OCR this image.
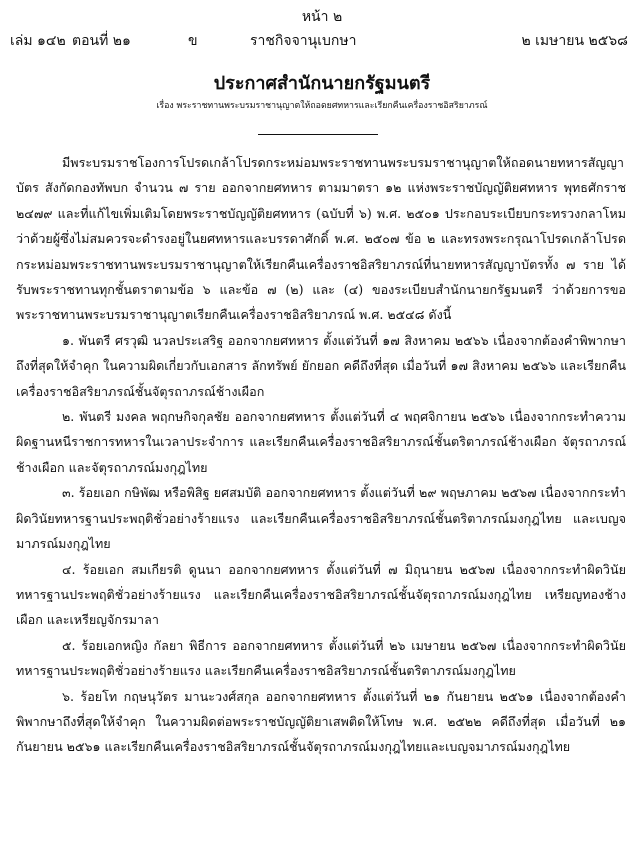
หน้า ๒
เล่ม ๑๔๒ ตอนที่ ๒๑	ข	ราชกิจจานุเบกษา	๒ เมษายน ๒๕๖๘
ประกาศสำนักนายกรัฐมนตรี
เรื่อง พระราชทานพระบรมราชานุญาตให้ถอดยศทหารและเรียกคืนเครื่องราชอิสริยาภรณ์

มีพระบรมราชโองการโปรดเกล้าโปรดกระหม่อมพระราชทานพระบรมราชานุญาตให้ถอดนายทหารสัญญาบัตร สังกัดกองทัพบก จำนวน ๗ ราย ออกจากยศทหาร ตามมาตรา ๑๒ แห่งพระราชบัญญัติยศทหาร พุทธศักราช ๒๔๗๙ และที่แก้ไขเพิ่มเติมโดยพระราชบัญญัติยศทหาร (ฉบับที่ ๖) พ.ศ. ๒๕๐๑ ประกอบระเบียบกระทรวงกลาโหมว่าด้วยผู้ซึ่งไม่สมควรจะดำรงอยู่ในยศทหารและบรรดาศักดิ์ พ.ศ. ๒๕๐๗ ข้อ ๒ และทรงพระกรุณาโปรดเกล้าโปรดกระหม่อมพระราชทานพระบรมราชานุญาตให้เรียกคืนเครื่องราชอิสริยาภรณ์ที่นายทหารสัญญาบัตรทั้ง ๗ ราย ได้รับพระราชทานทุกชั้นตราตามข้อ ๖ และข้อ ๗ (๒) และ (๔) ของระเบียบสำนักนายกรัฐมนตรี ว่าด้วยการขอพระราชทานพระบรมราชานุญาตเรียกคืนเครื่องราชอิสริยาภรณ์ พ.ศ. ๒๕๔๘ ดังนี้

๑. พันตรี ศรวุฒิ นวลประเสริฐ ออกจากยศทหาร ตั้งแต่วันที่ ๑๗ สิงหาคม ๒๕๖๖ เนื่องจากต้องคำพิพากษาถึงที่สุดให้จำคุก ในความผิดเกี่ยวกับเอกสาร ลักทรัพย์ ยักยอก คดีถึงที่สุด เมื่อวันที่ ๑๗ สิงหาคม ๒๕๖๖ และเรียกคืนเครื่องราชอิสริยาภรณ์ชั้นจัตุรถาภรณ์ช้างเผือก

๒. พันตรี มงคล พฤกษกิจกุลชัย ออกจากยศทหาร ตั้งแต่วันที่ ๔ พฤศจิกายน ๒๕๖๖ เนื่องจากกระทำความผิดฐานหนีราชการทหารในเวลาประจำการ และเรียกคืนเครื่องราชอิสริยาภรณ์ชั้นตริตาภรณ์ช้างเผือก จัตุรถาภรณ์ช้างเผือก และจัตุรถาภรณ์มงกุฎไทย

๓. ร้อยเอก กษิพัฒ หรือพิสิฐ ยศสมบัติ ออกจากยศทหาร ตั้งแต่วันที่ ๒๙ พฤษภาคม ๒๕๖๗ เนื่องจากกระทำผิดวินัยทหารฐานประพฤติชั่วอย่างร้ายแรง และเรียกคืนเครื่องราชอิสริยาภรณ์ชั้นตริตาภรณ์มงกุฎไทย และเบญจมาภรณ์มงกุฎไทย

๔. ร้อยเอก สมเกียรติ ดูนนา ออกจากยศทหาร ตั้งแต่วันที่ ๗ มิถุนายน ๒๕๖๗ เนื่องจากกระทำผิดวินัยทหารฐานประพฤติชั่วอย่างร้ายแรง และเรียกคืนเครื่องราชอิสริยาภรณ์ชั้นจัตุรถาภรณ์มงกุฎไทย เหรียญทองช้างเผือก และเหรียญจักรมาลา

๕. ร้อยเอกหญิง กัลยา พิธีการ ออกจากยศทหาร ตั้งแต่วันที่ ๒๖ เมษายน ๒๕๖๗ เนื่องจากกระทำผิดวินัยทหารฐานประพฤติชั่วอย่างร้ายแรง และเรียกคืนเครื่องราชอิสริยาภรณ์ชั้นตริตาภรณ์มงกุฎไทย

๖. ร้อยโท กฤษนุวัตร มานะวงศ์สกุล ออกจากยศทหาร ตั้งแต่วันที่ ๒๑ กันยายน ๒๕๖๑ เนื่องจากต้องคำพิพากษาถึงที่สุดให้จำคุก ในความผิดต่อพระราชบัญญัติยาเสพติดให้โทษ พ.ศ. ๒๕๒๒ คดีถึงที่สุด เมื่อวันที่ ๒๑ กันยายน ๒๕๖๑ และเรียกคืนเครื่องราชอิสริยาภรณ์ชั้นจัตุรถาภรณ์มงกุฎไทยและเบญจมาภรณ์มงกุฎไทย
